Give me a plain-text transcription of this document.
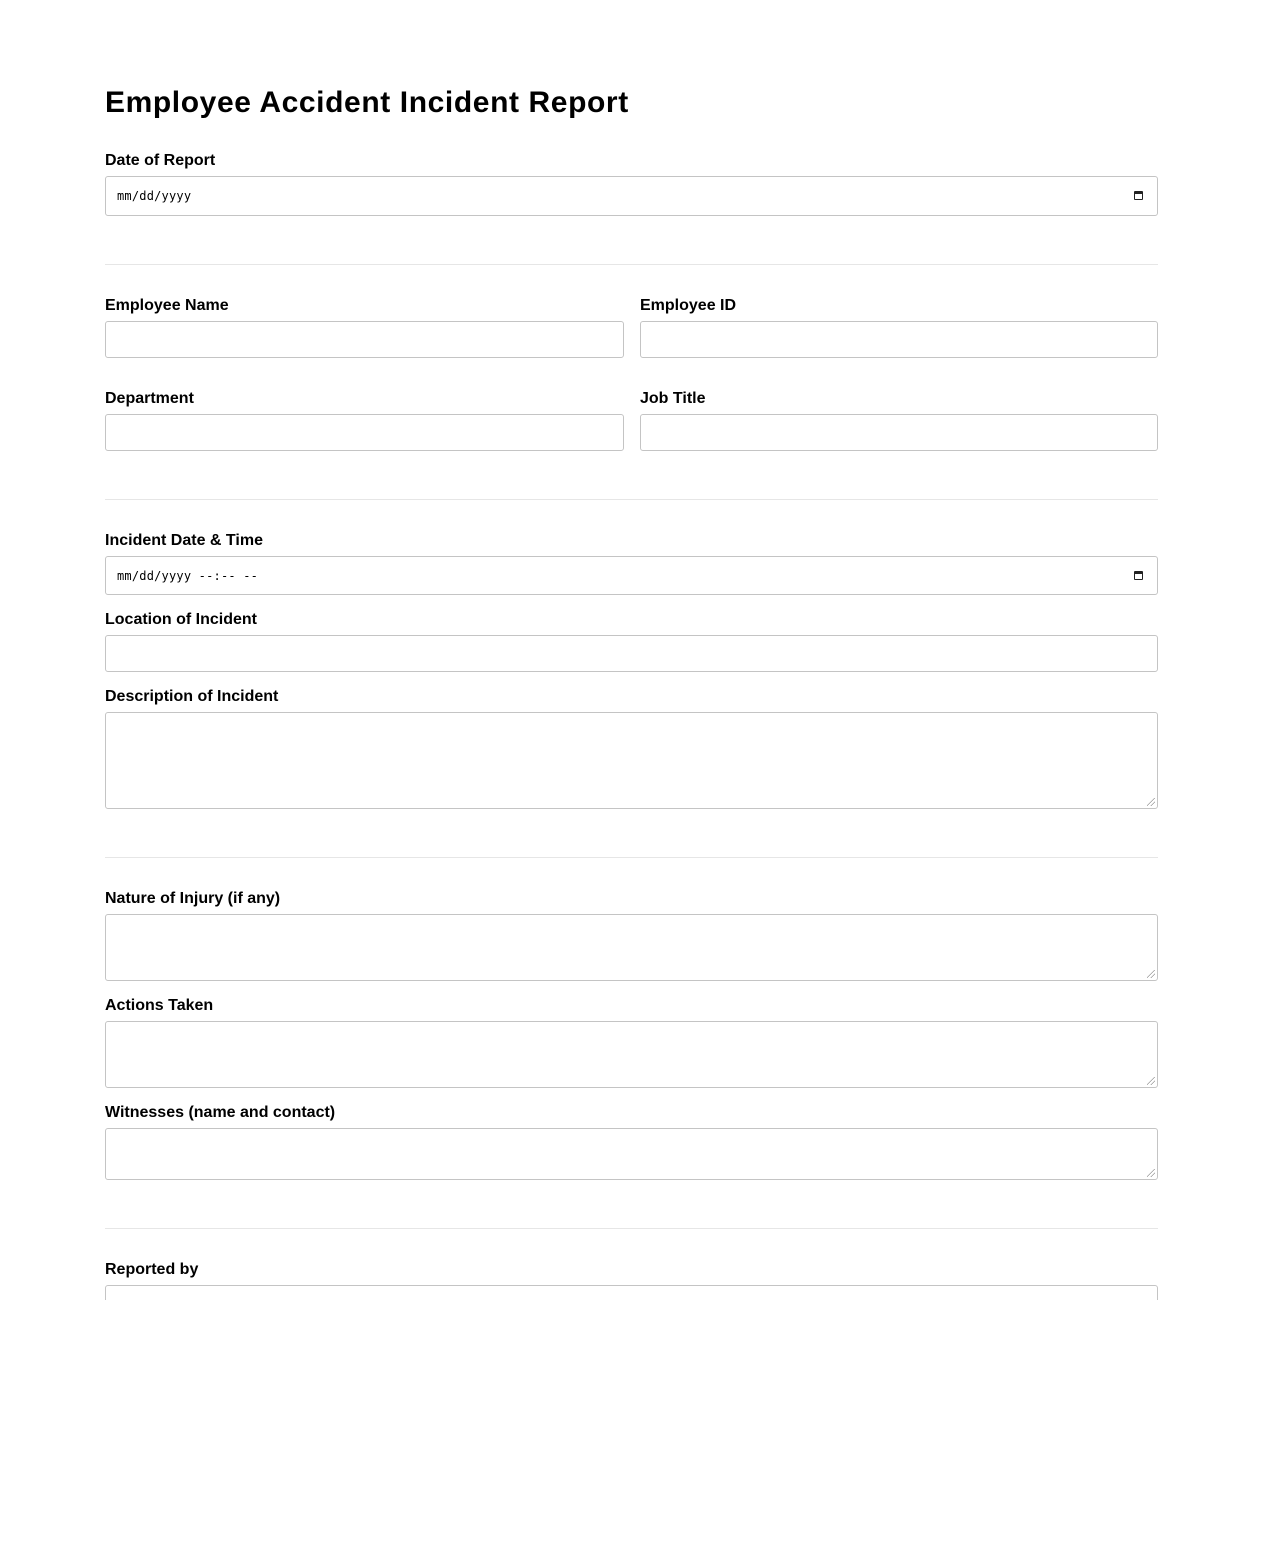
Employee Accident Incident Report
Date of Report
mm/dd/yyyy
Employee Name	Employee ID
Department	Job Title
Incident Date & Time
mm/dd/yyyy --:-- --
Location of Incident
Description of Incident
Nature of Injury (if any)
Actions Taken
Witnesses (name and contact)
Reported by
